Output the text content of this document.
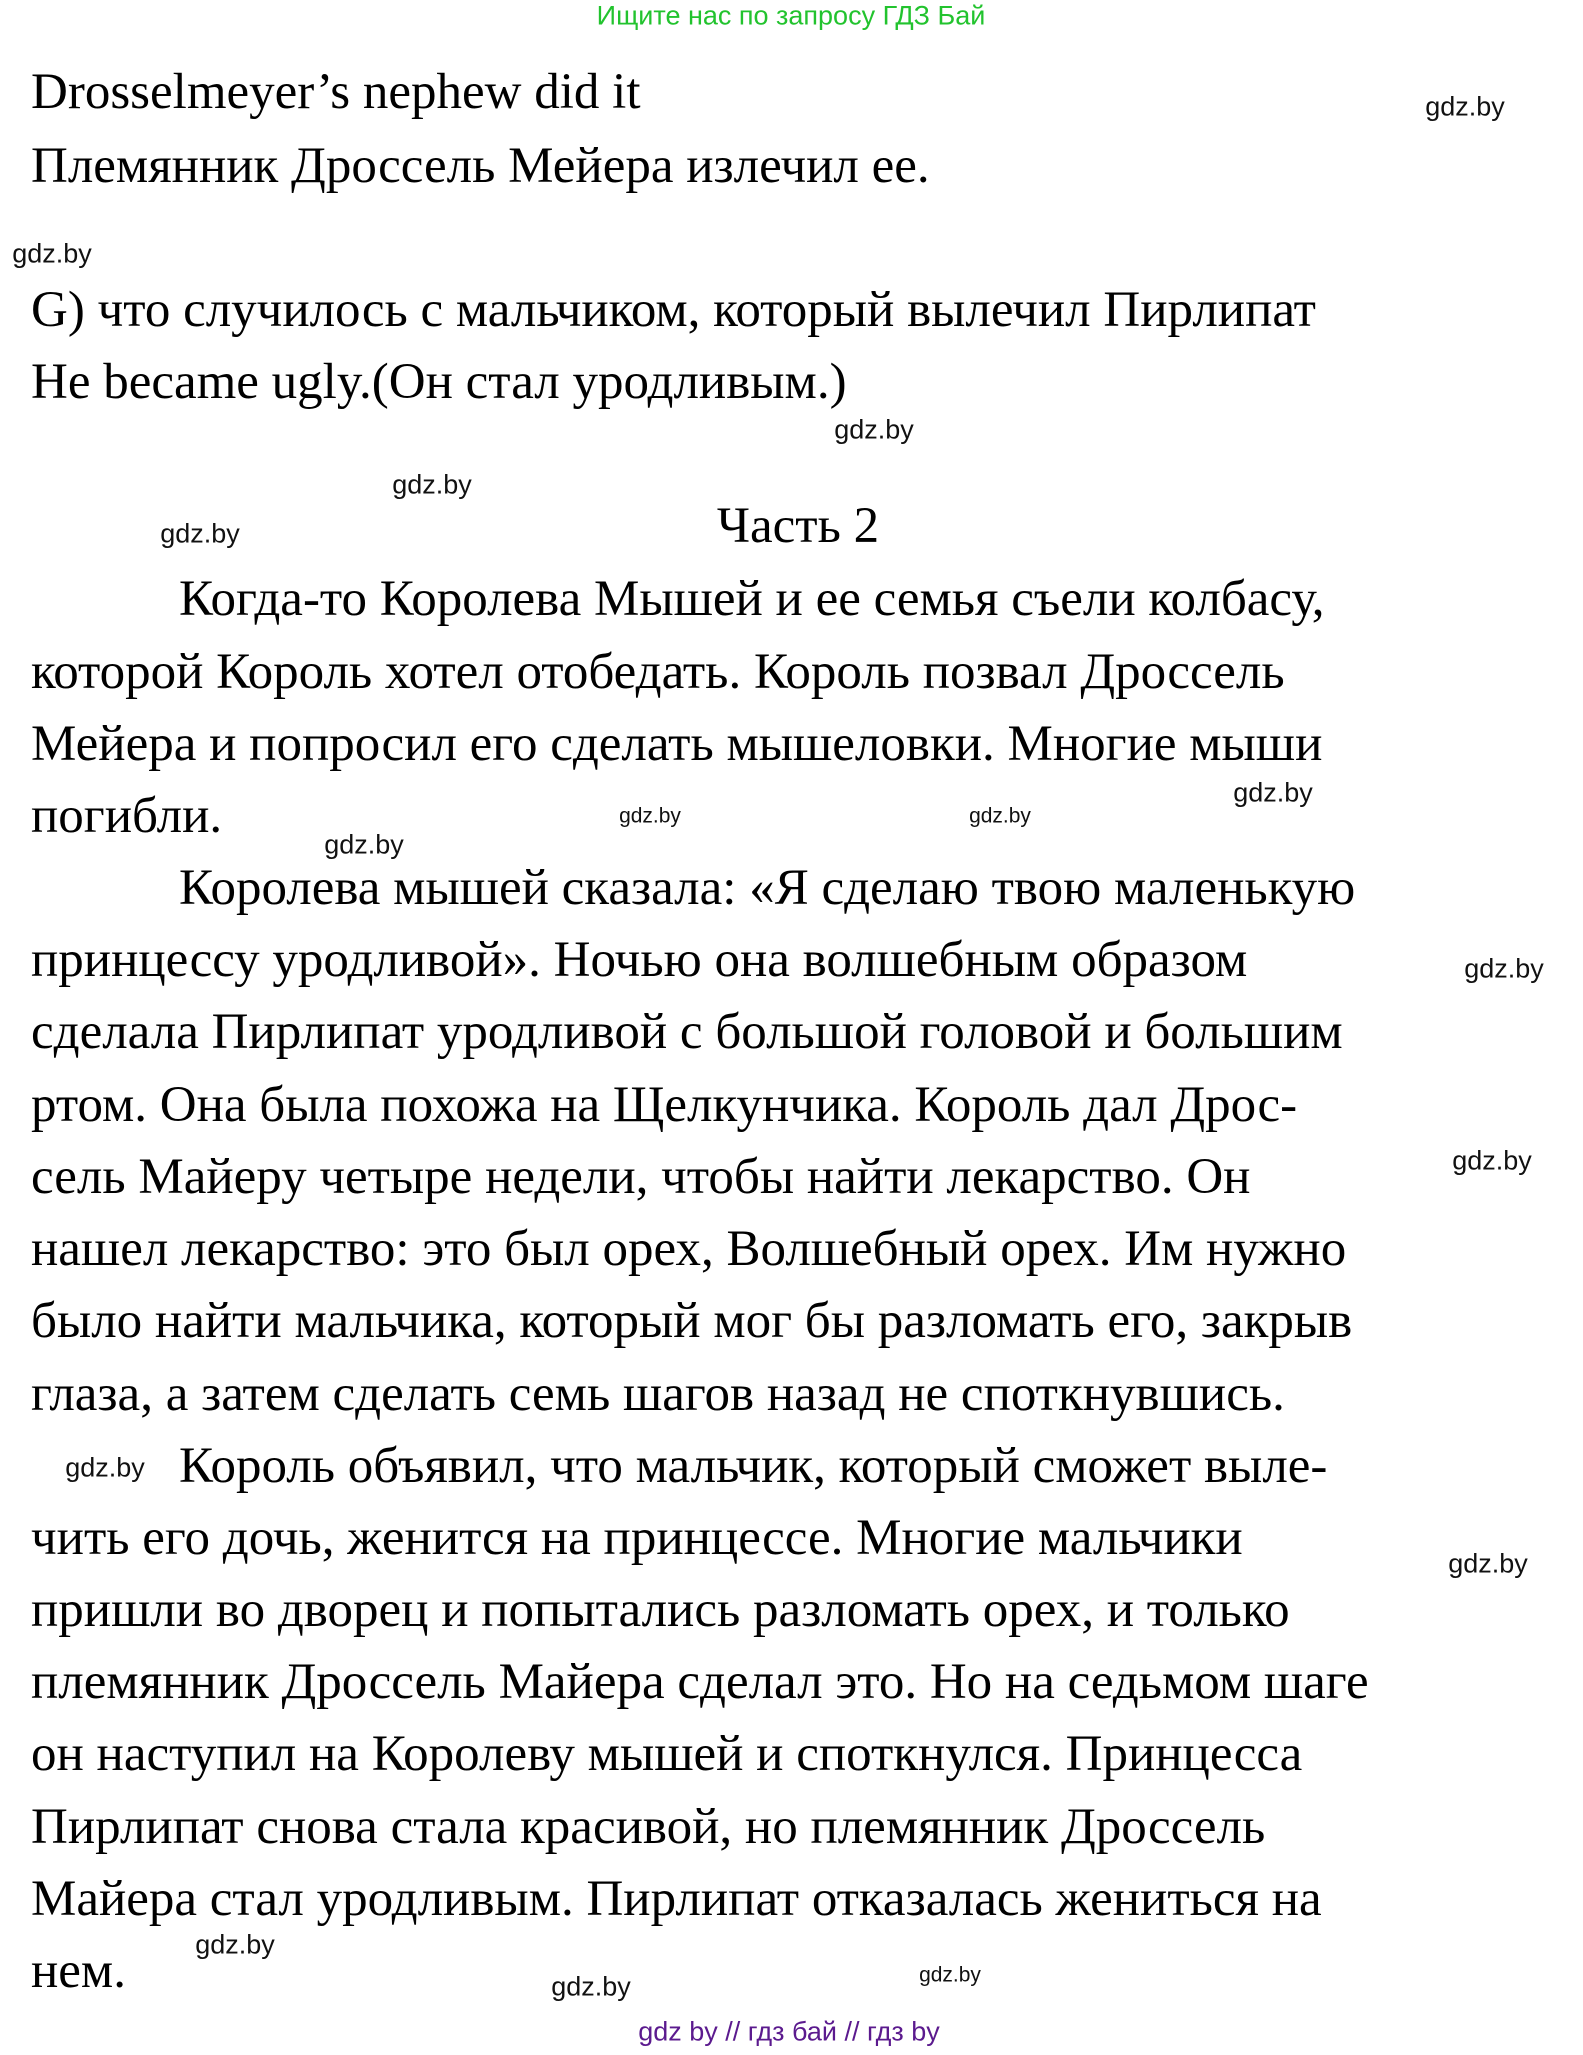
Ищите нас по запросу ГДЗ Бай
Drosselmeyer’s nephew did it
Племянник Дроссель Мейера излечил ее.
G) что случилось с мальчиком, который вылечил Пирлипат
He became ugly.(Он стал уродливым.)
Часть 2
Когда-то Королева Мышей и ее семья съели колбасу,
которой Король хотел отобедать. Король позвал Дроссель
Мейера и попросил его сделать мышеловки. Многие мыши
погибли.
Королева мышей сказала: «Я сделаю твою маленькую
принцессу уродливой». Ночью она волшебным образом
сделала Пирлипат уродливой с большой головой и большим
ртом. Она была похожа на Щелкунчика. Король дал Дрос-
сель Майеру четыре недели, чтобы найти лекарство. Он
нашел лекарство: это был орех, Волшебный орех. Им нужно
было найти мальчика, который мог бы разломать его, закрыв
глаза, а затем сделать семь шагов назад не споткнувшись.
Король объявил, что мальчик, который сможет выле-
чить его дочь, женится на принцессе. Многие мальчики
пришли во дворец и попытались разломать орех, и только
племянник Дроссель Майера сделал это. Но на седьмом шаге
он наступил на Королеву мышей и споткнулся. Принцесса
Пирлипат снова стала красивой, но племянник Дроссель
Майера стал уродливым. Пирлипат отказалась жениться на
нем.
gdz.by
gdz.by
gdz.by
gdz.by
gdz.by
gdz.by
gdz.by
gdz.by
gdz.by
gdz.by
gdz.by
gdz.by
gdz.by
gdz.by
gdz.by
gdz.by
gdz by // гдз бай // гдз by
